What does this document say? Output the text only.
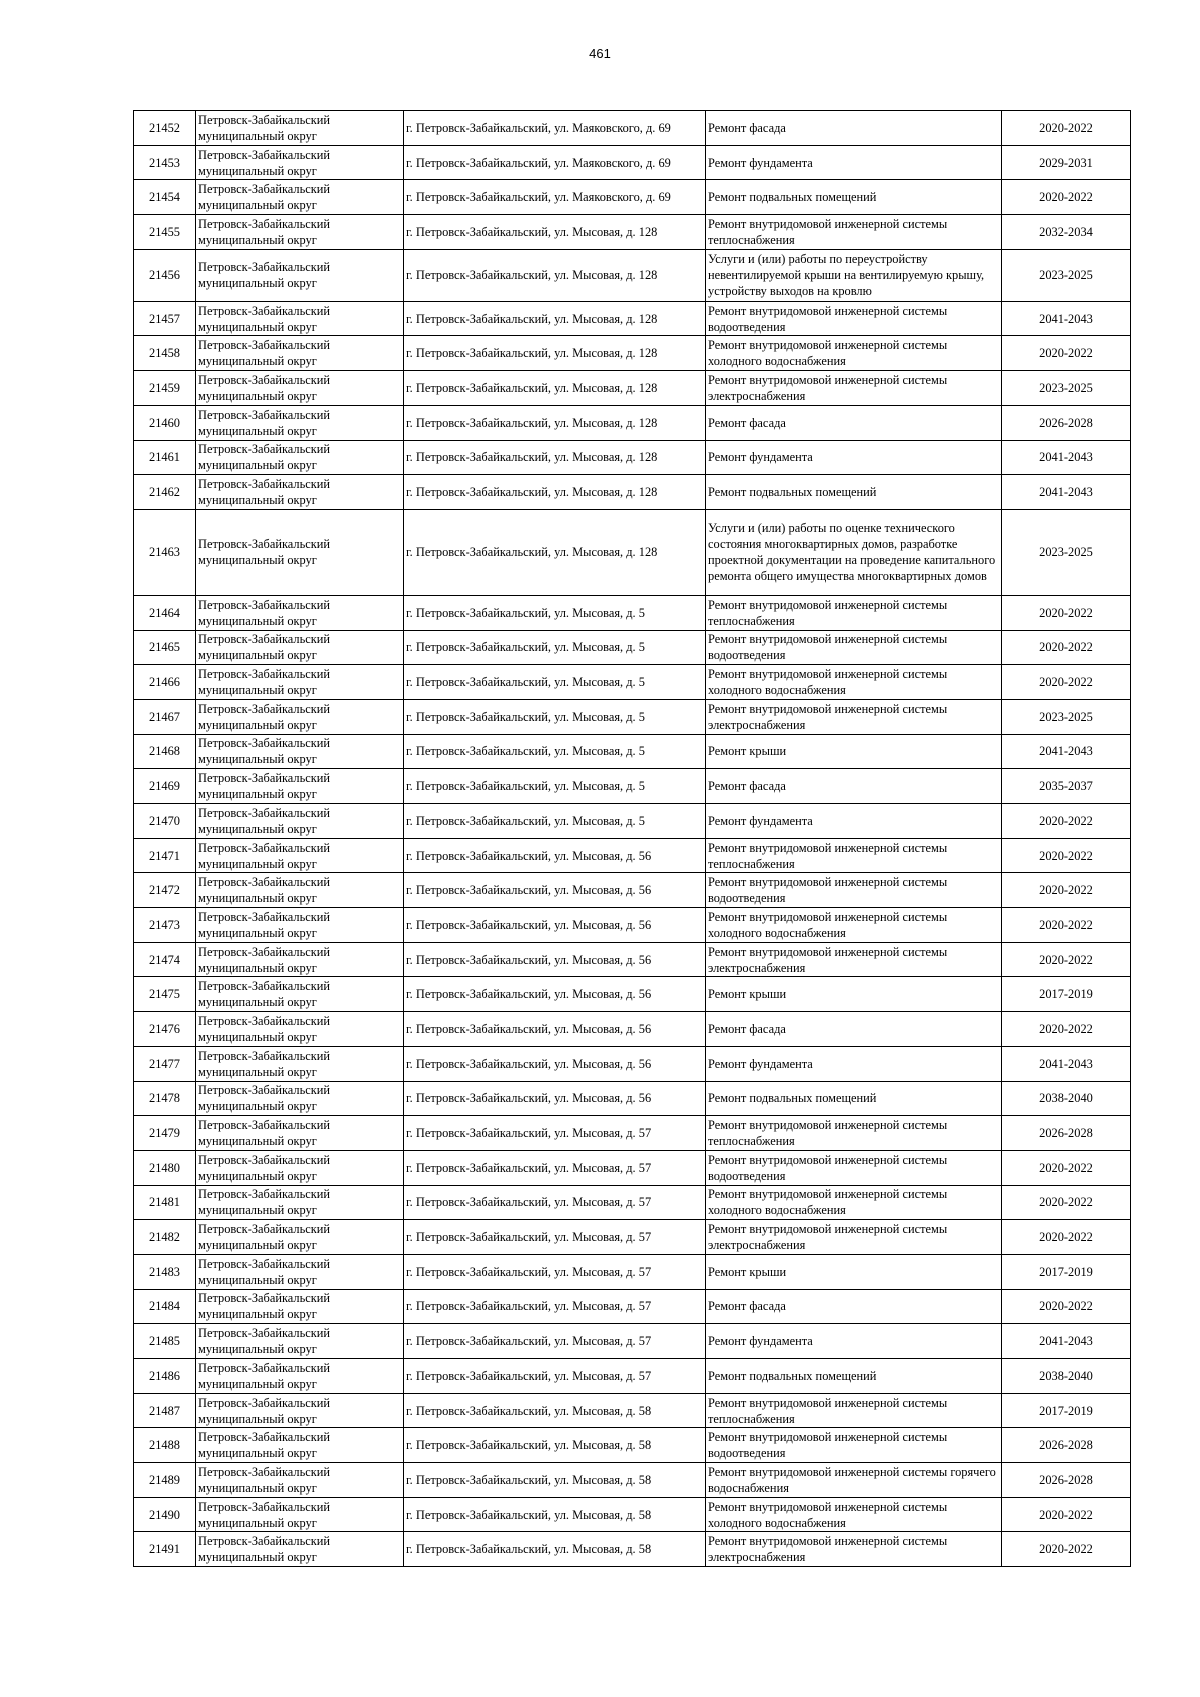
461
21452	Петровск-Забайкальский муниципальный округ	г. Петровск-Забайкальский, ул. Маяковского, д. 69	Ремонт фасада	2020-2022
21453	Петровск-Забайкальский муниципальный округ	г. Петровск-Забайкальский, ул. Маяковского, д. 69	Ремонт фундамента	2029-2031
21454	Петровск-Забайкальский муниципальный округ	г. Петровск-Забайкальский, ул. Маяковского, д. 69	Ремонт подвальных помещений	2020-2022
21455	Петровск-Забайкальский муниципальный округ	г. Петровск-Забайкальский, ул. Мысовая, д. 128	Ремонт внутридомовой инженерной системы теплоснабжения	2032-2034
21456	Петровск-Забайкальский муниципальный округ	г. Петровск-Забайкальский, ул. Мысовая, д. 128	Услуги и (или) работы по переустройству невентилируемой крыши на вентилируемую крышу, устройству выходов на кровлю	2023-2025
21457	Петровск-Забайкальский муниципальный округ	г. Петровск-Забайкальский, ул. Мысовая, д. 128	Ремонт внутридомовой инженерной системы водоотведения	2041-2043
21458	Петровск-Забайкальский муниципальный округ	г. Петровск-Забайкальский, ул. Мысовая, д. 128	Ремонт внутридомовой инженерной системы холодного водоснабжения	2020-2022
21459	Петровск-Забайкальский муниципальный округ	г. Петровск-Забайкальский, ул. Мысовая, д. 128	Ремонт внутридомовой инженерной системы электроснабжения	2023-2025
21460	Петровск-Забайкальский муниципальный округ	г. Петровск-Забайкальский, ул. Мысовая, д. 128	Ремонт фасада	2026-2028
21461	Петровск-Забайкальский муниципальный округ	г. Петровск-Забайкальский, ул. Мысовая, д. 128	Ремонт фундамента	2041-2043
21462	Петровск-Забайкальский муниципальный округ	г. Петровск-Забайкальский, ул. Мысовая, д. 128	Ремонт подвальных помещений	2041-2043
21463	Петровск-Забайкальский муниципальный округ	г. Петровск-Забайкальский, ул. Мысовая, д. 128	Услуги и (или) работы по оценке технического состояния многоквартирных домов, разработке проектной документации на проведение капитального ремонта общего имущества многоквартирных домов	2023-2025
21464	Петровск-Забайкальский муниципальный округ	г. Петровск-Забайкальский, ул. Мысовая, д. 5	Ремонт внутридомовой инженерной системы теплоснабжения	2020-2022
21465	Петровск-Забайкальский муниципальный округ	г. Петровск-Забайкальский, ул. Мысовая, д. 5	Ремонт внутридомовой инженерной системы водоотведения	2020-2022
21466	Петровск-Забайкальский муниципальный округ	г. Петровск-Забайкальский, ул. Мысовая, д. 5	Ремонт внутридомовой инженерной системы холодного водоснабжения	2020-2022
21467	Петровск-Забайкальский муниципальный округ	г. Петровск-Забайкальский, ул. Мысовая, д. 5	Ремонт внутридомовой инженерной системы электроснабжения	2023-2025
21468	Петровск-Забайкальский муниципальный округ	г. Петровск-Забайкальский, ул. Мысовая, д. 5	Ремонт крыши	2041-2043
21469	Петровск-Забайкальский муниципальный округ	г. Петровск-Забайкальский, ул. Мысовая, д. 5	Ремонт фасада	2035-2037
21470	Петровск-Забайкальский муниципальный округ	г. Петровск-Забайкальский, ул. Мысовая, д. 5	Ремонт фундамента	2020-2022
21471	Петровск-Забайкальский муниципальный округ	г. Петровск-Забайкальский, ул. Мысовая, д. 56	Ремонт внутридомовой инженерной системы теплоснабжения	2020-2022
21472	Петровск-Забайкальский муниципальный округ	г. Петровск-Забайкальский, ул. Мысовая, д. 56	Ремонт внутридомовой инженерной системы водоотведения	2020-2022
21473	Петровск-Забайкальский муниципальный округ	г. Петровск-Забайкальский, ул. Мысовая, д. 56	Ремонт внутридомовой инженерной системы холодного водоснабжения	2020-2022
21474	Петровск-Забайкальский муниципальный округ	г. Петровск-Забайкальский, ул. Мысовая, д. 56	Ремонт внутридомовой инженерной системы электроснабжения	2020-2022
21475	Петровск-Забайкальский муниципальный округ	г. Петровск-Забайкальский, ул. Мысовая, д. 56	Ремонт крыши	2017-2019
21476	Петровск-Забайкальский муниципальный округ	г. Петровск-Забайкальский, ул. Мысовая, д. 56	Ремонт фасада	2020-2022
21477	Петровск-Забайкальский муниципальный округ	г. Петровск-Забайкальский, ул. Мысовая, д. 56	Ремонт фундамента	2041-2043
21478	Петровск-Забайкальский муниципальный округ	г. Петровск-Забайкальский, ул. Мысовая, д. 56	Ремонт подвальных помещений	2038-2040
21479	Петровск-Забайкальский муниципальный округ	г. Петровск-Забайкальский, ул. Мысовая, д. 57	Ремонт внутридомовой инженерной системы теплоснабжения	2026-2028
21480	Петровск-Забайкальский муниципальный округ	г. Петровск-Забайкальский, ул. Мысовая, д. 57	Ремонт внутридомовой инженерной системы водоотведения	2020-2022
21481	Петровск-Забайкальский муниципальный округ	г. Петровск-Забайкальский, ул. Мысовая, д. 57	Ремонт внутридомовой инженерной системы холодного водоснабжения	2020-2022
21482	Петровск-Забайкальский муниципальный округ	г. Петровск-Забайкальский, ул. Мысовая, д. 57	Ремонт внутридомовой инженерной системы электроснабжения	2020-2022
21483	Петровск-Забайкальский муниципальный округ	г. Петровск-Забайкальский, ул. Мысовая, д. 57	Ремонт крыши	2017-2019
21484	Петровск-Забайкальский муниципальный округ	г. Петровск-Забайкальский, ул. Мысовая, д. 57	Ремонт фасада	2020-2022
21485	Петровск-Забайкальский муниципальный округ	г. Петровск-Забайкальский, ул. Мысовая, д. 57	Ремонт фундамента	2041-2043
21486	Петровск-Забайкальский муниципальный округ	г. Петровск-Забайкальский, ул. Мысовая, д. 57	Ремонт подвальных помещений	2038-2040
21487	Петровск-Забайкальский муниципальный округ	г. Петровск-Забайкальский, ул. Мысовая, д. 58	Ремонт внутридомовой инженерной системы теплоснабжения	2017-2019
21488	Петровск-Забайкальский муниципальный округ	г. Петровск-Забайкальский, ул. Мысовая, д. 58	Ремонт внутридомовой инженерной системы водоотведения	2026-2028
21489	Петровск-Забайкальский муниципальный округ	г. Петровск-Забайкальский, ул. Мысовая, д. 58	Ремонт внутридомовой инженерной системы горячего водоснабжения	2026-2028
21490	Петровск-Забайкальский муниципальный округ	г. Петровск-Забайкальский, ул. Мысовая, д. 58	Ремонт внутридомовой инженерной системы холодного водоснабжения	2020-2022
21491	Петровск-Забайкальский муниципальный округ	г. Петровск-Забайкальский, ул. Мысовая, д. 58	Ремонт внутридомовой инженерной системы электроснабжения	2020-2022
